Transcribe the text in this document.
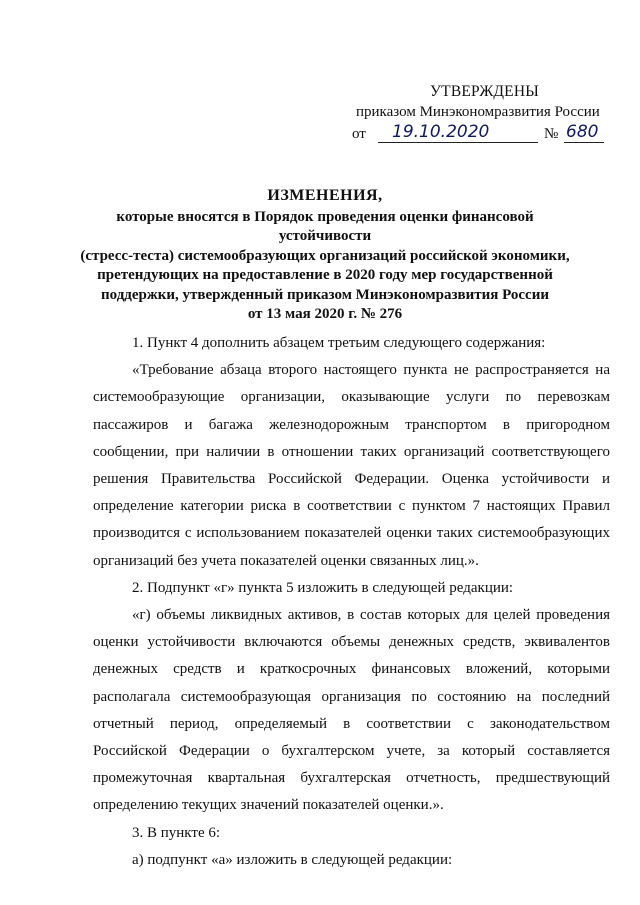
УТВЕРЖДЕНЫ
приказом Минэкономразвития России
от 19.10.2020	№ 680
ИЗМЕНЕНИЯ,
которые вносятся в Порядок проведения оценки финансовой устойчивости
(стресс-теста) системообразующих организаций российской экономики,
претендующих на предоставление в 2020 году мер государственной
поддержки, утвержденный приказом Минэкономразвития России
от 13 мая 2020 г. № 276

1. Пункт 4 дополнить абзацем третьим следующего содержания:

«Требование абзаца второго настоящего пункта не распространяется на системообразующие организации, оказывающие услуги по перевозкам пассажиров и багажа железнодорожным транспортом в пригородном сообщении, при наличии в отношении таких организаций соответствующего решения Правительства Российской Федерации. Оценка устойчивости и определение категории риска в соответствии с пунктом 7 настоящих Правил производится с использованием показателей оценки таких системообразующих организаций без учета показателей оценки связанных лиц.».

2. Подпункт «г» пункта 5 изложить в следующей редакции:

«г) объемы ликвидных активов, в состав которых для целей проведения оценки устойчивости включаются объемы денежных средств, эквивалентов денежных средств и краткосрочных финансовых вложений, которыми располагала системообразующая организация по состоянию на последний отчетный период, определяемый в соответствии с законодательством Российской Федерации о бухгалтерском учете, за который составляется промежуточная квартальная бухгалтерская отчетность, предшествующий определению текущих значений показателей оценки.».

3. В пункте 6:

а) подпункт «а» изложить в следующей редакции:
